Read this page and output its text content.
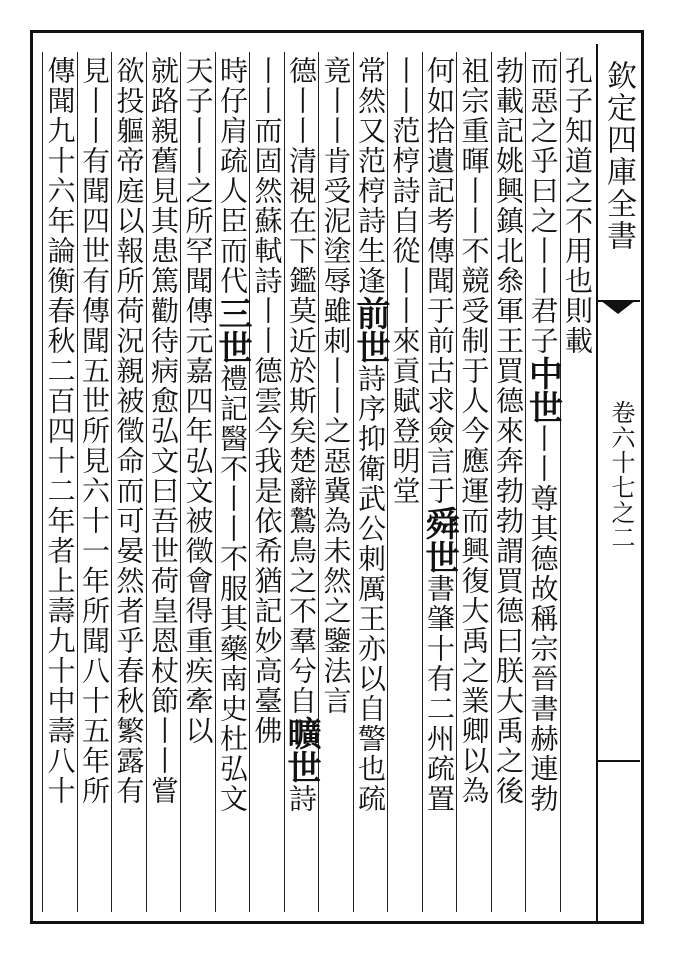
欽定四庫全書
卷六十七之二
孔子知道之不用也則載
而惡之乎曰之丨丨君子中世丨丨尊其德故稱宗晉書赫連勃
勃載記姚興鎮北叅軍王買德來奔勃勃謂買德曰朕大禹之後
祖宗重暉丨丨不競受制于人今應運而興復大禹之業卿以為
何如拾遺記考傳聞于前古求僉言于舜世書肇十有二州疏置
丨丨范梈詩自從丨丨來貢賦登明堂
常然又范梈詩生逢前世詩序抑衛武公刺厲王亦以自警也疏
竟丨丨肯受泥塗辱雖刺丨丨之惡冀為未然之鑒法言
德丨丨清視在下鑑莫近於斯矣楚辭鷙鳥之不羣兮自曠世詩
丨丨而固然蘇軾詩丨丨德雲今我是依希猶記妙高臺佛
時仔肩疏人臣而代三世禮記醫不丨丨不服其藥南史杜弘文
天子丨丨之所罕聞傳元嘉四年弘文被徵會得重疾牽以
就路親舊見其患篤勸待病愈弘文曰吾世荷皇恩杖節丨丨嘗
欲投軀帝庭以報所荷況親被徵命而可晏然者乎春秋繁露有
見丨丨有聞四世有傳聞五世所見六十一年所聞八十五年所
傳聞九十六年論衡春秋二百四十二年者上壽九十中壽八十
